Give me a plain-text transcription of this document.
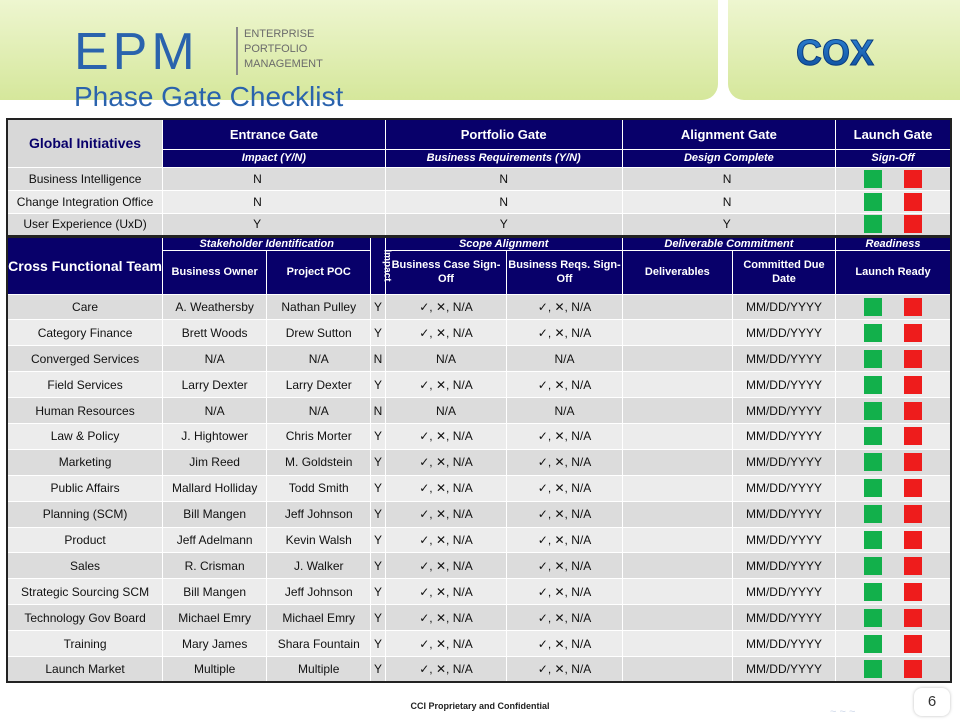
EPM	ENTERPRISE
PORTFOLIO
MANAGEMENT	COX
Phase Gate Checklist
Global Initiatives	Entrance Gate			Portfolio Gate		Alignment Gate		Launch Gate
	Impact (Y/N)			Business Requirements (Y/N)		Design Complete		Sign-Off
Business Intelligence	N			N		N		
Change Integration Office	N			N		N		
User Experience (UxD)	Y			Y		Y		
Cross Functional Team	Stakeholder Identification		Impact	Scope Alignment		Deliverable Commitment		Readiness
	Business Owner	Project POC		Business Case Sign-Off	Business Reqs. Sign-Off	Deliverables	Committed Due Date	Launch Ready
Care	A. Weathersby	Nathan Pulley	Y	✓, ✕, N/A	✓, ✕, N/A		MM/DD/YYYY	
Category Finance	Brett Woods	Drew Sutton	Y	✓, ✕, N/A	✓, ✕, N/A		MM/DD/YYYY	
Converged Services	N/A	N/A	N	N/A	N/A		MM/DD/YYYY	
Field Services	Larry Dexter	Larry Dexter	Y	✓, ✕, N/A	✓, ✕, N/A		MM/DD/YYYY	
Human Resources	N/A	N/A	N	N/A	N/A		MM/DD/YYYY	
Law & Policy	J. Hightower	Chris Morter	Y	✓, ✕, N/A	✓, ✕, N/A		MM/DD/YYYY	
Marketing	Jim Reed	M. Goldstein	Y	✓, ✕, N/A	✓, ✕, N/A		MM/DD/YYYY	
Public Affairs	Mallard Holliday	Todd Smith	Y	✓, ✕, N/A	✓, ✕, N/A		MM/DD/YYYY	
Planning (SCM)	Bill Mangen	Jeff Johnson	Y	✓, ✕, N/A	✓, ✕, N/A		MM/DD/YYYY	
Product	Jeff Adelmann	Kevin Walsh	Y	✓, ✕, N/A	✓, ✕, N/A		MM/DD/YYYY	
Sales	R. Crisman	J. Walker	Y	✓, ✕, N/A	✓, ✕, N/A		MM/DD/YYYY	
Strategic Sourcing SCM	Bill Mangen	Jeff Johnson	Y	✓, ✕, N/A	✓, ✕, N/A		MM/DD/YYYY	
Technology Gov Board	Michael Emry	Michael Emry	Y	✓, ✕, N/A	✓, ✕, N/A		MM/DD/YYYY	
Training	Mary James	Shara Fountain	Y	✓, ✕, N/A	✓, ✕, N/A		MM/DD/YYYY	
Launch Market	Multiple	Multiple	Y	✓, ✕, N/A	✓, ✕, N/A		MM/DD/YYYY	
CCI Proprietary and Confidential	~ ~ ~
6
